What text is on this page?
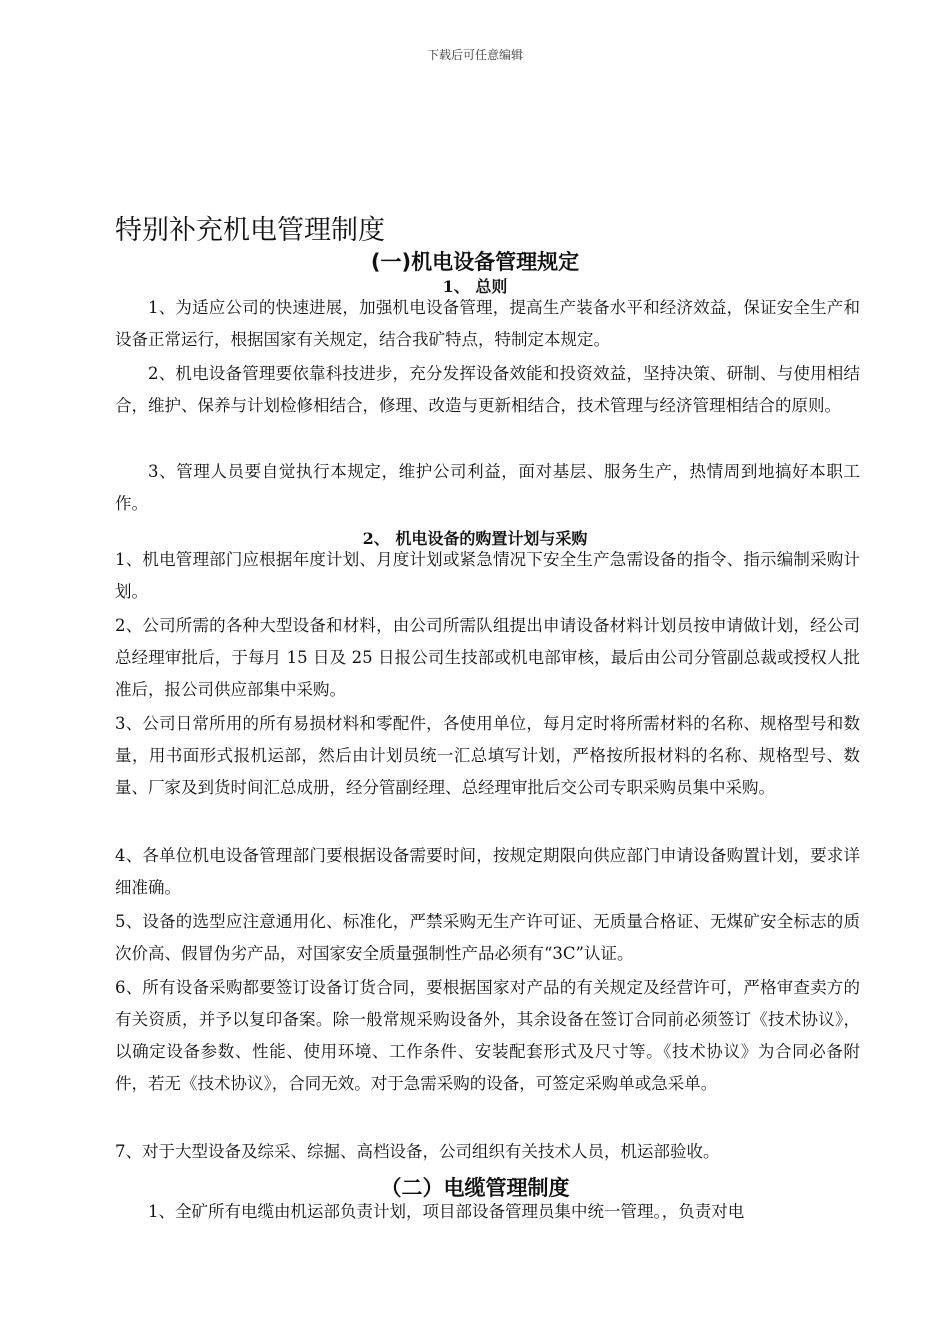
下载后可任意编辑
特别补充机电管理制度
(一)机电设备管理规定
1、 总则

1、为适应公司的快速进展，加强机电设备管理，提高生产装备水平和经济效益，保证安全生产和设备正常运行，根据国家有关规定，结合我矿特点，特制定本规定。

2、机电设备管理要依靠科技进步，充分发挥设备效能和投资效益，坚持决策、研制、与使用相结合，维护、保养与计划检修相结合，修理、改造与更新相结合，技术管理与经济管理相结合的原则。

3、管理人员要自觉执行本规定，维护公司利益，面对基层、服务生产，热情周到地搞好本职工作。

2、 机电设备的购置计划与采购

1、机电管理部门应根据年度计划、月度计划或紧急情况下安全生产急需设备的指令、指示编制采购计划。

2、公司所需的各种大型设备和材料，由公司所需队组提出申请设备材料计划员按申请做计划，经公司总经理审批后，于每月 15 日及 25 日报公司生技部或机电部审核，最后由公司分管副总裁或授权人批准后，报公司供应部集中采购。

3、公司日常所用的所有易损材料和零配件，各使用单位，每月定时将所需材料的名称、规格型号和数量，用书面形式报机运部，然后由计划员统一汇总填写计划，严格按所报材料的名称、规格型号、数量、厂家及到货时间汇总成册，经分管副经理、总经理审批后交公司专职采购员集中采购。

4、各单位机电设备管理部门要根据设备需要时间，按规定期限向供应部门申请设备购置计划，要求详细准确。

5、设备的选型应注意通用化、标准化，严禁采购无生产许可证、无质量合格证、无煤矿安全标志的质次价高、假冒伪劣产品，对国家安全质量强制性产品必须有“3C”认证。

6、所有设备采购都要签订设备订货合同，要根据国家对产品的有关规定及经营许可，严格审查卖方的有关资质，并予以复印备案。除一般常规采购设备外，其余设备在签订合同前必须签订《技术协议》，以确定设备参数、性能、使用环境、工作条件、安装配套形式及尺寸等。《技术协议》为合同必备附件，若无《技术协议》，合同无效。对于急需采购的设备，可签定采购单或急采单。

7、对于大型设备及综采、综掘、高档设备，公司组织有关技术人员，机运部验收。

（二）电缆管理制度

1、全矿所有电缆由机运部负责计划，项目部设备管理员集中统一管理。，负责对电
